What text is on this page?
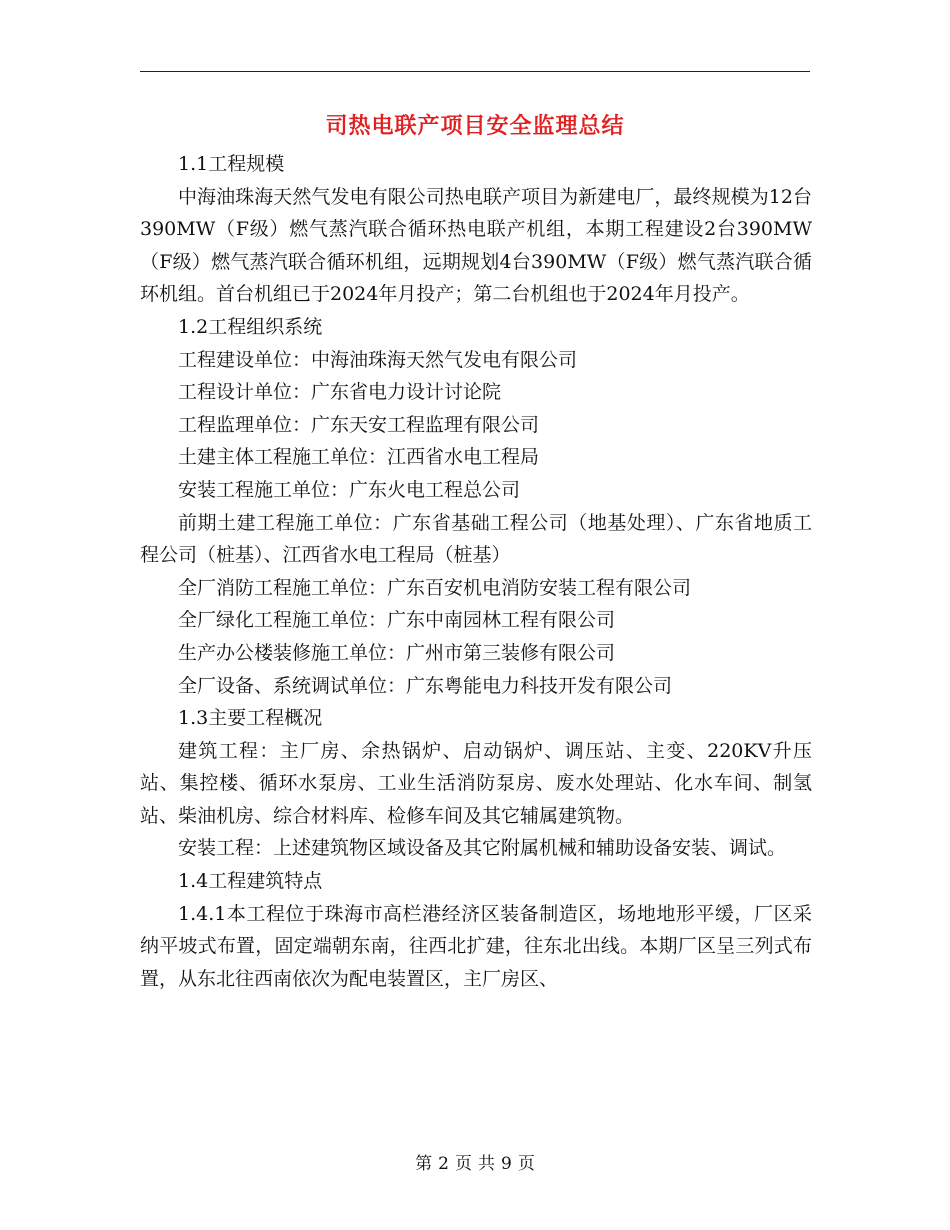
司热电联产项目安全监理总结

1.1工程规模

中海油珠海天然气发电有限公司热电联产项目为新建电厂，最终规模为12台390MW（F级）燃气蒸汽联合循环热电联产机组，本期工程建设2台390MW（F级）燃气蒸汽联合循环机组，远期规划4台390MW（F级）燃气蒸汽联合循环机组。首台机组已于2024年月投产；第二台机组也于2024年月投产。

1.2工程组织系统

工程建设单位：中海油珠海天然气发电有限公司

工程设计单位：广东省电力设计讨论院

工程监理单位：广东天安工程监理有限公司

土建主体工程施工单位：江西省水电工程局

安装工程施工单位：广东火电工程总公司

前期土建工程施工单位：广东省基础工程公司（地基处理）、广东省地质工程公司（桩基）、江西省水电工程局（桩基）

全厂消防工程施工单位：广东百安机电消防安装工程有限公司

全厂绿化工程施工单位：广东中南园林工程有限公司

生产办公楼装修施工单位：广州市第三装修有限公司

全厂设备、系统调试单位：广东粤能电力科技开发有限公司

1.3主要工程概况

建筑工程：主厂房、余热锅炉、启动锅炉、调压站、主变、220KV升压站、集控楼、循环水泵房、工业生活消防泵房、废水处理站、化水车间、制氢站、柴油机房、综合材料库、检修车间及其它辅属建筑物。

安装工程：上述建筑物区域设备及其它附属机械和辅助设备安装、调试。

1.4工程建筑特点

1.4.1本工程位于珠海市高栏港经济区装备制造区，场地地形平缓，厂区采纳平坡式布置，固定端朝东南，往西北扩建，往东北出线。本期厂区呈三列式布置，从东北往西南依次为配电装置区，主厂房区、

第 2 页 共 9 页
